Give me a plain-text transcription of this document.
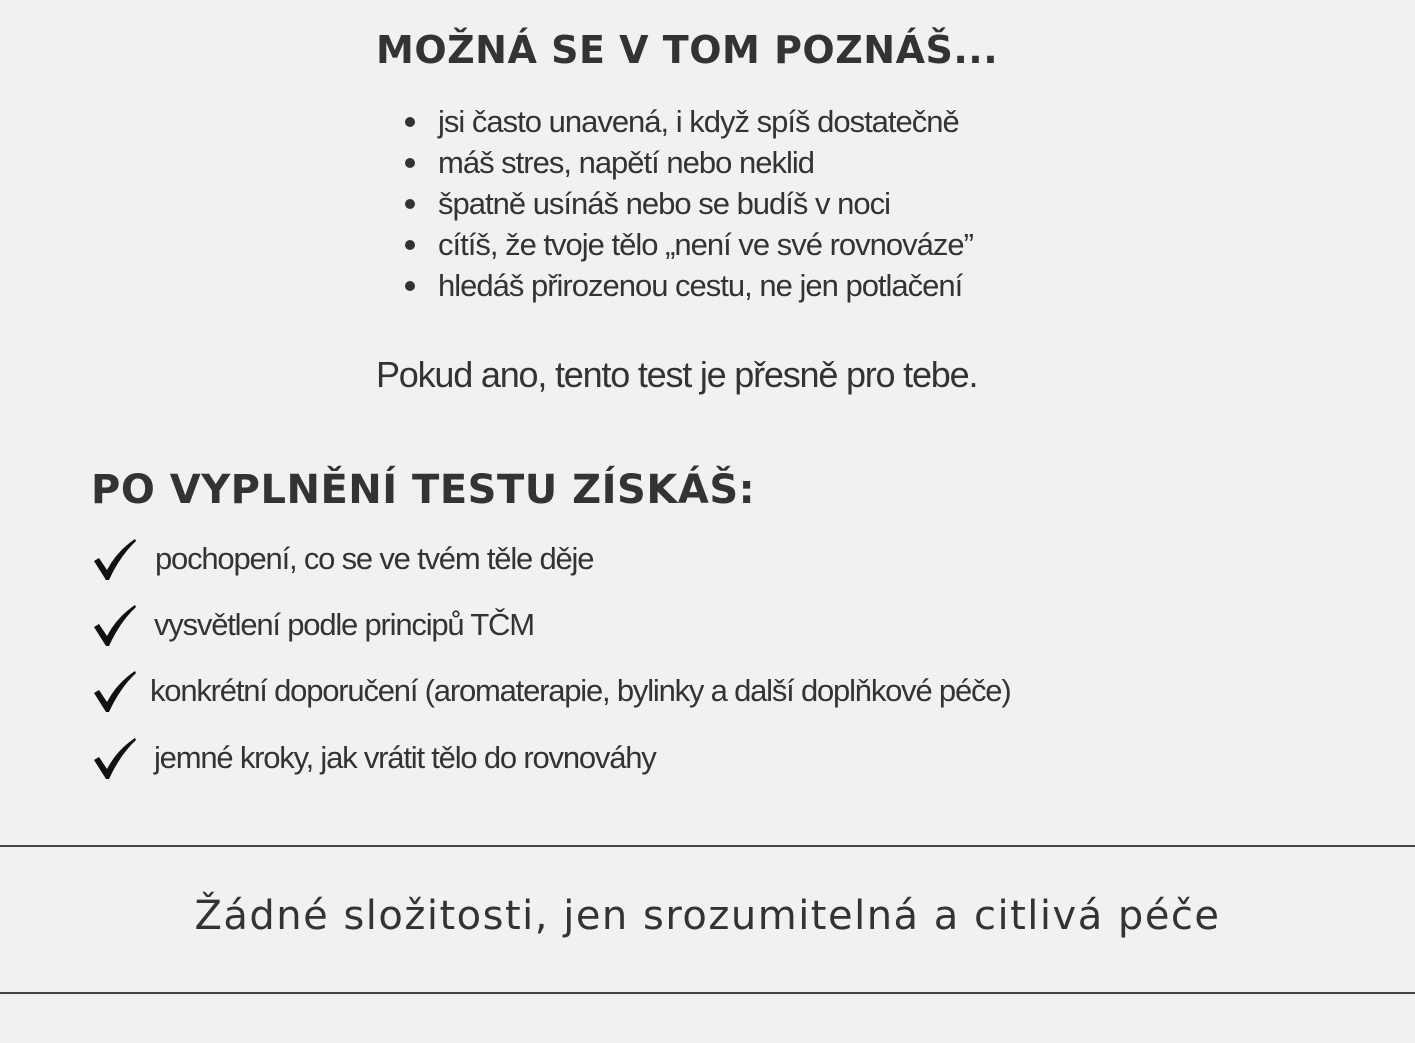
MOŽNÁ SE V TOM POZNÁŠ...
jsi často unavená, i když spíš dostatečně
máš stres, napětí nebo neklid
špatně usínáš nebo se budíš v noci
cítíš, že tvoje tělo „není ve své rovnováze”
hledáš přirozenou cestu, ne jen potlačení

Pokud ano, tento test je přesně pro tebe.

PO VYPLNĚNÍ TESTU ZÍSKÁŠ:
pochopení, co se ve tvém těle děje
vysvětlení podle principů TČM
konkrétní doporučení (aromaterapie, bylinky a další doplňkové péče)
jemné kroky, jak vrátit tělo do rovnováhy

Žádné složitosti, jen srozumitelná a citlivá péče
